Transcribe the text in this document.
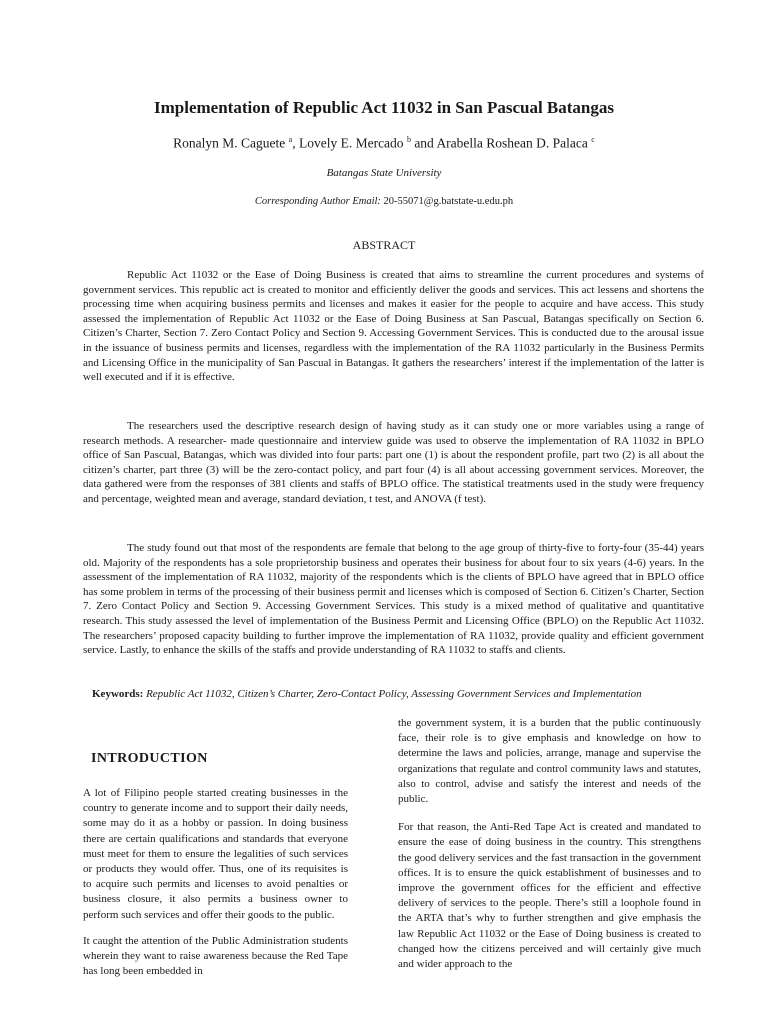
Implementation of Republic Act 11032 in San Pascual Batangas
Ronalyn M. Caguete $^a$, Lovely E. Mercado $^b$ and Arabella Roshean D. Palaca $^c$
Batangas State University
Corresponding Author Email: 20-55071@g.batstate-u.edu.ph
ABSTRACT

Republic Act 11032 or the Ease of Doing Business is created that aims to streamline the current procedures and systems of government services. This republic act is created to monitor and efficiently deliver the goods and services. This act lessens and shortens the processing time when acquiring business permits and licenses and makes it easier for the people to acquire and have access. This study assessed the implementation of Republic Act 11032 or the Ease of Doing Business at San Pascual, Batangas specifically on Section 6. Citizen’s Charter, Section 7. Zero Contact Policy and Section 9. Accessing Government Services. This is conducted due to the arousal issue in the issuance of business permits and licenses, regardless with the implementation of the RA 11032 particularly in the Business Permits and Licensing Office in the municipality of San Pascual in Batangas. It gathers the researchers’ interest if the implementation of the latter is well executed and if it is effective.

The researchers used the descriptive research design of having study as it can study one or more variables using a range of research methods. A researcher- made questionnaire and interview guide was used to observe the implementation of RA 11032 in BPLO office of San Pascual, Batangas, which was divided into four parts: part one (1) is about the respondent profile, part two (2) is all about the citizen’s charter, part three (3) will be the zero-contact policy, and part four (4) is all about accessing government services. Moreover, the data gathered were from the responses of 381 clients and staffs of BPLO office. The statistical treatments used in the study were frequency and percentage, weighted mean and average, standard deviation, t test, and ANOVA (f test).

The study found out that most of the respondents are female that belong to the age group of thirty-five to forty-four (35-44) years old. Majority of the respondents has a sole proprietorship business and operates their business for about four to six years (4-6) years. In the assessment of the implementation of RA 11032, majority of the respondents which is the clients of BPLO have agreed that in BPLO office has some problem in terms of the processing of their business permit and licenses which is composed of Section 6. Citizen’s Charter, Section 7. Zero Contact Policy and Section 9. Accessing Government Services. This study is a mixed method of qualitative and quantitative research. This study assessed the level of implementation of the Business Permit and Licensing Office (BPLO) on the Republic Act 11032. The researchers’ proposed capacity building to further improve the implementation of RA 11032, provide quality and efficient government service. Lastly, to enhance the skills of the staffs and provide understanding of RA 11032 to staffs and clients.

Keywords: Republic Act 11032, Citizen’s Charter, Zero-Contact Policy, Assessing Government Services and Implementation
INTRODUCTION

A lot of Filipino people started creating businesses in the country to generate income and to support their daily needs, some may do it as a hobby or passion. In doing business there are certain qualifications and standards that everyone must meet for them to ensure the legalities of such services or products they would offer. Thus, one of its requisites is to acquire such permits and licenses to avoid penalties or business closure, it also permits a business owner to perform such services and offer their goods to the public.

It caught the attention of the Public Administration students wherein they want to raise awareness because the Red Tape has long been embedded in

the government system, it is a burden that the public continuously face, their role is to give emphasis and knowledge on how to determine the laws and policies, arrange, manage and supervise the organizations that regulate and control community laws and statutes, also to control, advise and satisfy the interest and needs of the public.

For that reason, the Anti-Red Tape Act is created and mandated to ensure the ease of doing business in the country. This strengthens the good delivery services and the fast transaction in the government offices. It is to ensure the quick establishment of businesses and to improve the government offices for the efficient and effective delivery of services to the people. There’s still a loophole found in the ARTA that’s why to further strengthen and give emphasis the law Republic Act 11032 or the Ease of Doing business is created to changed how the citizens perceived and will certainly give much and wider approach to the
